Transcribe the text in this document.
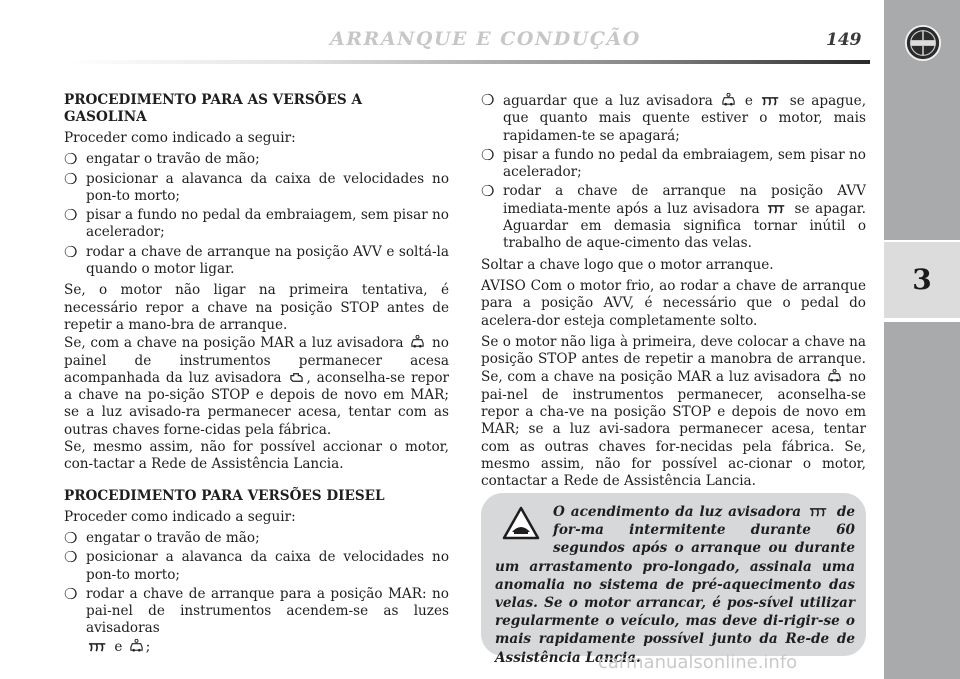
ARRANQUE E CONDUÇÃO	149
3
PROCEDIMENTO PARA AS VERSÕES A GASOLINA

Proceder como indicado a seguir:

❍ engatar o travão de mão;
❍ posicionar a alavanca da caixa de velocidades no pon-to morto;
❍ pisar a fundo no pedal da embraiagem, sem pisar no acelerador;
❍ rodar a chave de arranque na posição AVV e soltá-la quando o motor ligar.

Se, o motor não ligar na primeira tentativa, é necessário repor a chave na posição STOP antes de repetir a mano-bra de arranque.

Se, com a chave na posição MAR a luz avisadora no painel de instrumentos permanecer acesa acompanhada da luz avisadora , aconselha-se repor a chave na po-sição STOP e depois de novo em MAR; se a luz avisado-ra permanecer acesa, tentar com as outras chaves forne-cidas pela fábrica.

Se, mesmo assim, não for possível accionar o motor, con-tactar a Rede de Assistência Lancia.

PROCEDIMENTO PARA VERSÕES DIESEL

Proceder como indicado a seguir:

❍ engatar o travão de mão;
❍ posicionar a alavanca da caixa de velocidades no pon-to morto;
❍ rodar a chave de arranque para a posição MAR: no pai-nel de instrumentos acendem-se as luzes avisadoras
e ;
❍ aguardar que a luz avisadora e	se apague, que quanto mais quente estiver o motor, mais rapidamen-te se apagará;
❍ pisar a fundo no pedal da embraiagem, sem pisar no acelerador;
❍ rodar a chave de arranque na posição AVV imediata-mente após a luz avisadora	se apagar. Aguardar em demasia significa tornar inútil o trabalho de aque-cimento das velas.

Soltar a chave logo que o motor arranque.

AVISO Com o motor frio, ao rodar a chave de arranque para a posição AVV, é necessário que o pedal do acelera-dor esteja completamente solto.

Se o motor não liga à primeira, deve colocar a chave na posição STOP antes de repetir a manobra de arranque. Se, com a chave na posição MAR a luz avisadora no pai-nel de instrumentos permanecer, aconselha-se repor a cha-ve na posição STOP e depois de novo em MAR; se a luz avi-sadora permanecer acesa, tentar com as outras chaves for-necidas pela fábrica. Se, mesmo assim, não for possível ac-cionar o motor, contactar a Rede de Assistência Lancia.

O acendimento da luz avisadora	de for-ma intermitente durante 60 segundos após o arranque ou durante um arrastamento pro-longado, assinala uma anomalia no sistema de pré-aquecimento das velas. Se o motor arrancar, é pos-sível utilizar regularmente o veículo, mas deve di-rigir-se o mais rapidamente possível junto da Re-de de Assistência Lancia.
carmanualsonline.info
